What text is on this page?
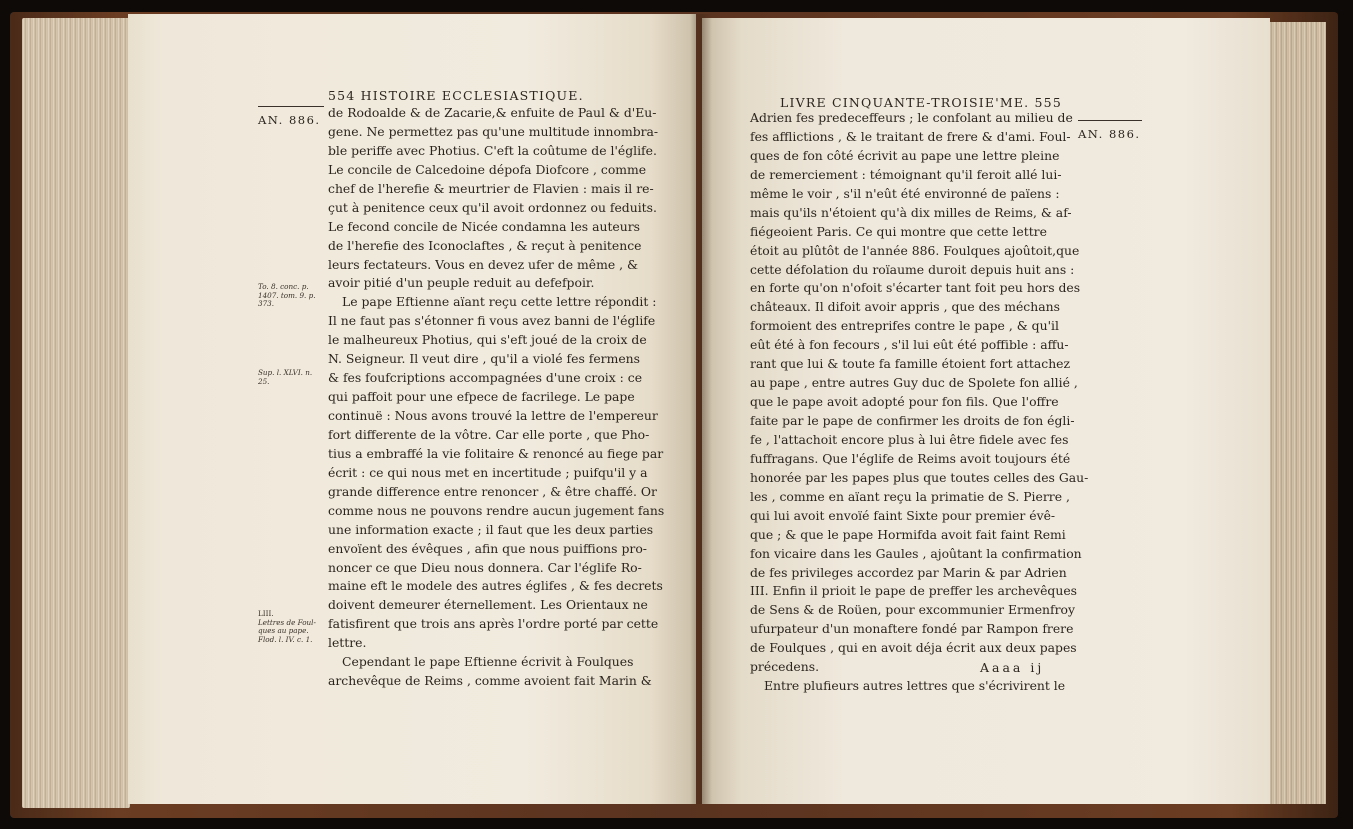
554 HISTOIRE ECCLESIASTIQUE.
AN. 886. de Rodoalde & de Zacarie,& enfuite de Paul & d'Eu-
gene. Ne permettez pas qu'une multitude innombra-
ble periffe avec Photius. C'eft la coûtume de l'églife.
Le concile de Calcedoine dépofa Diofcore , comme
chef de l'herefie & meurtrier de Flavien : mais il re-
çut à penitence ceux qu'il avoit ordonnez ou feduits.
Le fecond concile de Nicée condamna les auteurs
de l'herefie des Iconoclaftes , & reçut à penitence
leurs fectateurs. Vous en devez ufer de même , &
avoir pitié d'un peuple reduit au defefpoir.
Le pape Eftienne aïant reçu cette lettre répondit :
Il ne faut pas s'étonner fi vous avez banni de l'églife
le malheureux Photius, qui s'eft joué de la croix de
N. Seigneur. Il veut dire , qu'il a violé fes fermens
& fes foufcriptions accompagnées d'une croix : ce
qui paffoit pour une efpece de facrilege. Le pape
continuë : Nous avons trouvé la lettre de l'empereur
fort differente de la vôtre. Car elle porte , que Pho-
tius a embraffé la vie folitaire & renoncé au fiege par
écrit : ce qui nous met en incertitude ; puifqu'il y a
grande difference entre renoncer , & être chaffé. Or
comme nous ne pouvons rendre aucun jugement fans
une information exacte ; il faut que les deux parties
envoïent des évêques , afin que nous puiffions pro-
noncer ce que Dieu nous donnera. Car l'églife Ro-
maine eft le modele des autres églifes , & fes decrets
doivent demeurer éternellement. Les Orientaux ne
fatisfirent que trois ans après l'ordre porté par cette
lettre.
Cependant le pape Eftienne écrivit à Foulques
archevêque de Reims , comme avoient fait Marin &
To. 8. conc. p.
1407. tom. 9. p.
373.
Sup. l. XLVI. n.
25.
LIII.
Lettres de Foul-
ques au pape.
Flod. l. IV. c. 1.
LIVRE CINQUANTE-TROISIE'ME. 555
AN. 886.
Adrien fes predeceffeurs ; le confolant au milieu de
fes afflictions , & le traitant de frere & d'ami. Foul-
ques de fon côté écrivit au pape une lettre pleine
de remerciement : témoignant qu'il feroit allé lui-
même le voir , s'il n'eût été environné de païens :
mais qu'ils n'étoient qu'à dix milles de Reims, & af-
fiégeoient Paris. Ce qui montre que cette lettre
étoit au plûtôt de l'année 886. Foulques ajoûtoit,que
cette défolation du roïaume duroit depuis huit ans :
en forte qu'on n'ofoit s'écarter tant foit peu hors des
châteaux. Il difoit avoir appris , que des méchans
formoient des entreprifes contre le pape , & qu'il
eût été à fon fecours , s'il lui eût été poffible : affu-
rant que lui & toute fa famille étoient fort attachez
au pape , entre autres Guy duc de Spolete fon allié ,
que le pape avoit adopté pour fon fils. Que l'offre
faite par le pape de confirmer les droits de fon égli-
fe , l'attachoit encore plus à lui être fidele avec fes
fuffragans. Que l'églife de Reims avoit toujours été
honorée par les papes plus que toutes celles des Gau-
les , comme en aïant reçu la primatie de S. Pierre ,
qui lui avoit envoïé faint Sixte pour premier évê-
que ; & que le pape Hormifda avoit fait faint Remi
fon vicaire dans les Gaules , ajoûtant la confirmation
de fes privileges accordez par Marin & par Adrien
III. Enfin il prioit le pape de preffer les archevêques
de Sens & de Roüen, pour excommunier Ermenfroy
ufurpateur d'un monaftere fondé par Rampon frere
de Foulques , qui en avoit déja écrit aux deux papes
précedens.
Entre plufieurs autres lettres que s'écrivirent le
Aaaa ij
